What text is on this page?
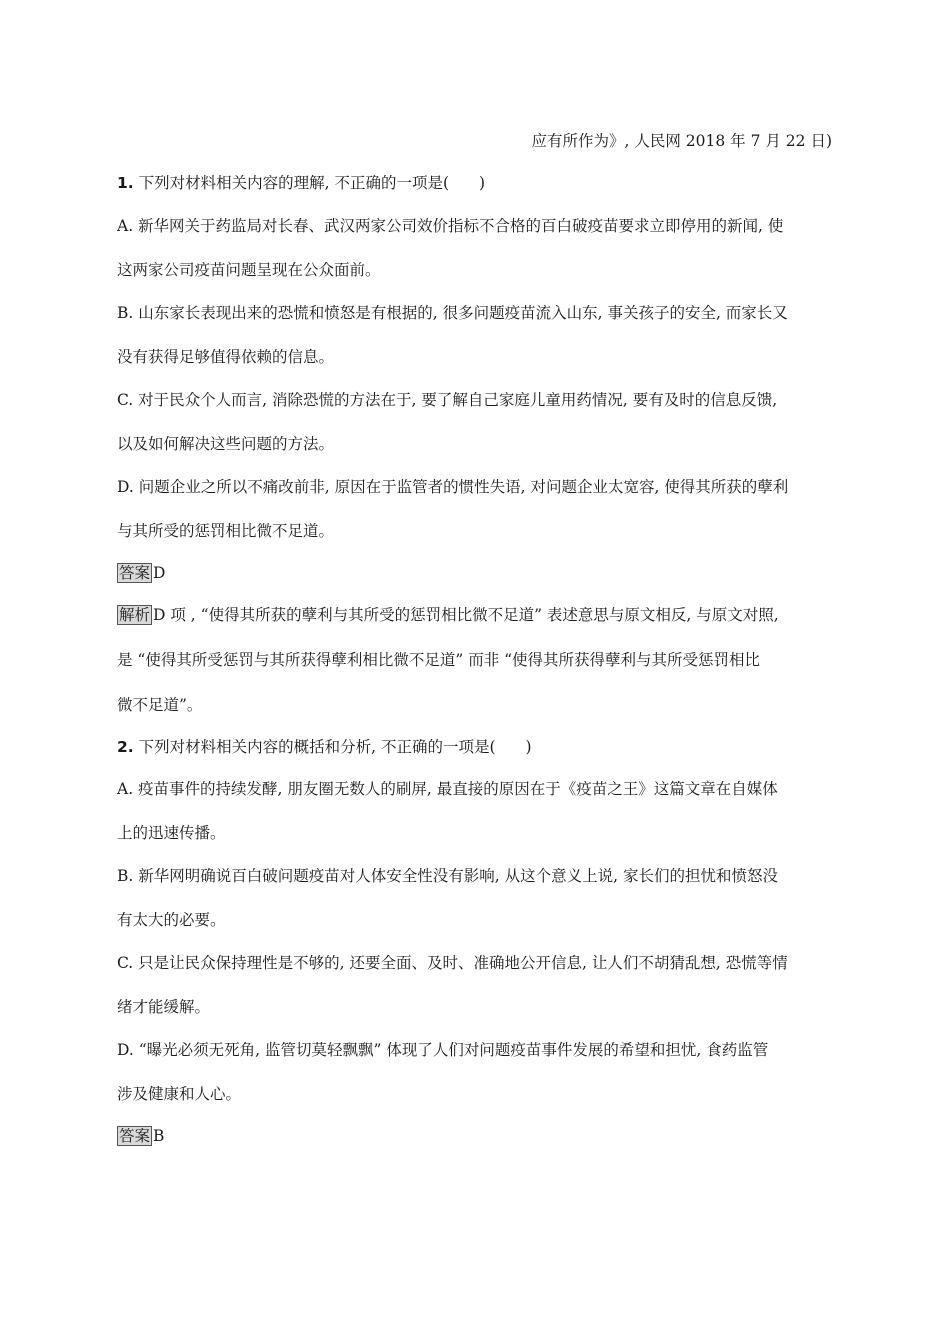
应有所作为》, 人民网 2018 年 7 月 22 日)
1. 下列对材料相关内容的理解, 不正确的一项是( )
A. 新华网关于药监局对长春、武汉两家公司效价指标不合格的百白破疫苗要求立即停用的新闻, 使
这两家公司疫苗问题呈现在公众面前。
B. 山东家长表现出来的恐慌和愤怒是有根据的, 很多问题疫苗流入山东, 事关孩子的安全, 而家长又
没有获得足够值得依赖的信息。
C. 对于民众个人而言, 消除恐慌的方法在于, 要了解自己家庭儿童用药情况, 要有及时的信息反馈,
以及如何解决这些问题的方法。
D. 问题企业之所以不痛改前非, 原因在于监管者的惯性失语, 对问题企业太宽容, 使得其所获的孽利
与其所受的惩罚相比微不足道。
答案 D
解析 D 项 , “使得其所获的孽利与其所受的惩罚相比微不足道” 表述意思与原文相反, 与原文对照,
是 “使得其所受惩罚与其所获得孽利相比微不足道” 而非 “使得其所获得孽利与其所受惩罚相比
微不足道”。
2. 下列对材料相关内容的概括和分析, 不正确的一项是( )
A. 疫苗事件的持续发酵, 朋友圈无数人的刷屏, 最直接的原因在于《疫苗之王》这篇文章在自媒体
上的迅速传播。
B. 新华网明确说百白破问题疫苗对人体安全性没有影响, 从这个意义上说, 家长们的担忧和愤怒没
有太大的必要。
C. 只是让民众保持理性是不够的, 还要全面、及时、准确地公开信息, 让人们不胡猜乱想, 恐慌等情
绪才能缓解。
D. “曝光必须无死角, 监管切莫轻飘飘” 体现了人们对问题疫苗事件发展的希望和担忧, 食药监管
涉及健康和人心。
答案 B
